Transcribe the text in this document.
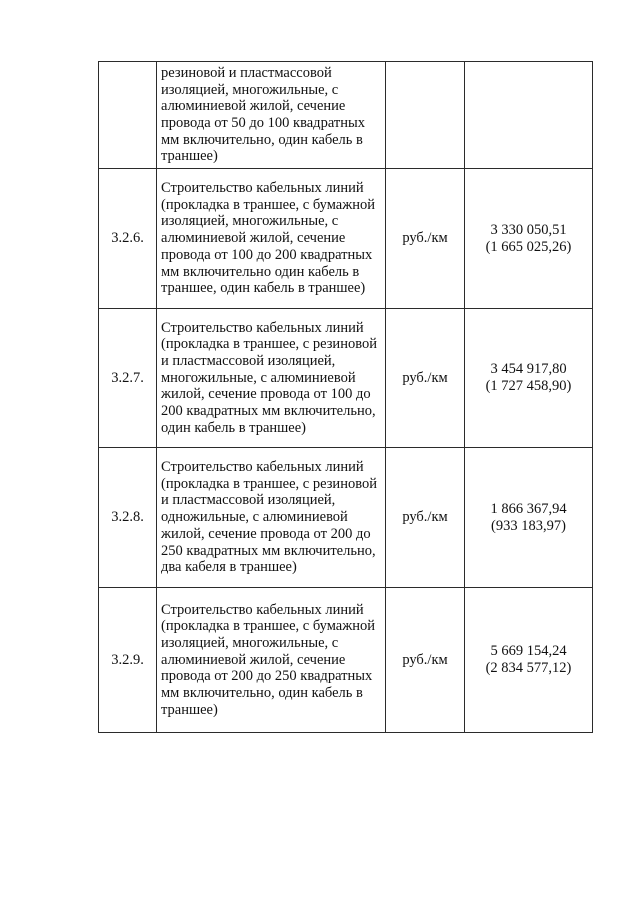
	резиновой и пластмассовой изоляцией, многожильные, с алюминиевой жилой, сечение провода от 50 до 100 квадратных мм включительно, один кабель в траншее)		

3.2.6.	Строительство кабельных линий (прокладка в траншее, с бумажной изоляцией, многожильные, с алюминиевой жилой, сечение провода от 100 до 200 квадратных мм включительно один кабель в траншее, один кабель в траншее)	руб./км	3 330 050,51
(1 665 025,26)

3.2.7.	Строительство кабельных линий (прокладка в траншее, с резиновой и пластмассовой изоляцией, многожильные, с алюминиевой жилой, сечение провода от 100 до 200 квадратных мм включительно, один кабель в траншее)	руб./км	3 454 917,80
(1 727 458,90)

3.2.8.	Строительство кабельных линий (прокладка в траншее, с резиновой и пластмассовой изоляцией, одножильные, с алюминиевой жилой, сечение провода от 200 до 250 квадратных мм включительно, два кабеля в траншее)	руб./км	1 866 367,94
(933 183,97)

3.2.9.	Строительство кабельных линий (прокладка в траншее, с бумажной изоляцией, многожильные, с алюминиевой жилой, сечение провода от 200 до 250 квадратных мм включительно, один кабель в траншее)	руб./км	5 669 154,24
(2 834 577,12)
